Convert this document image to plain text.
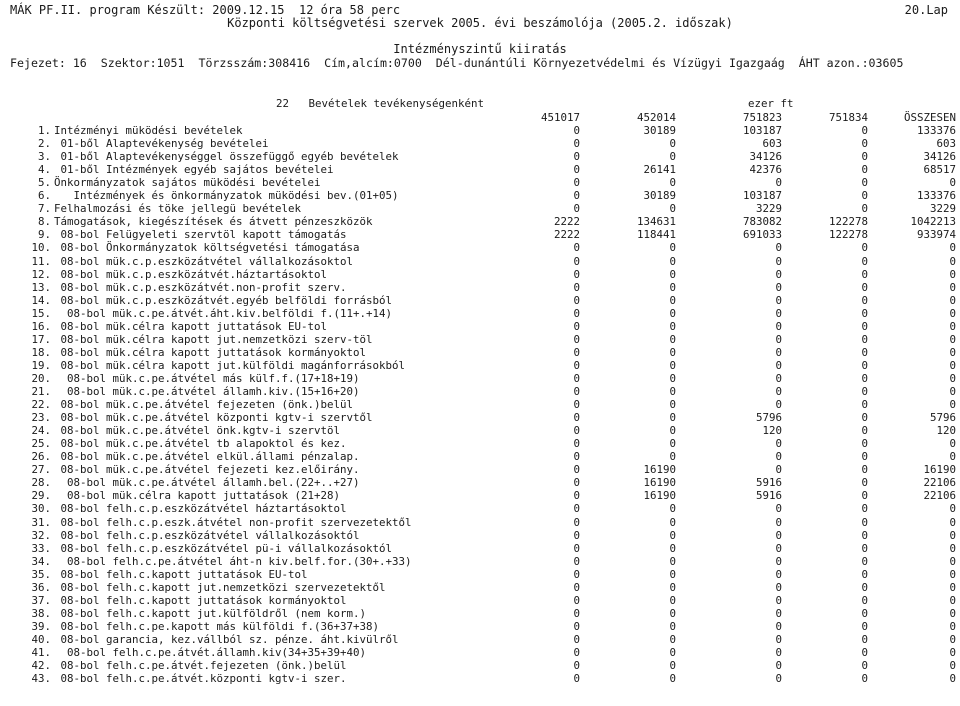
MÁK PF.II. program Készült: 2009.12.15  12 óra 58 perc	20.Lap
Központi költségvetési szervek 2005. évi beszámolója (2005.2. időszak)
Intézményszintű kiiratás
Fejezet: 16  Szektor:1051  Törzsszám:308416  Cím,alcím:0700  Dél-dunántúli Környezetvédelmi és Vízügyi Igazgaág  ÁHT azon.:03605
22   Bevételek tevékenységenként	ezer ft
451017	452014	751823	751834	ÖSSZESEN
1. Intézményi müködési bevételek	0	30189	103187	0	133376
2. 01-ből Alaptevékenység bevételei	0	0	603	0	603
3. 01-ből Alaptevékenységgel összefüggő egyéb bevételek	0	0	34126	0	34126
4. 01-ből Intézmények egyéb sajátos bevételei	0	26141	42376	0	68517
5. Önkormányzatok sajátos müködési bevételei	0	0	0	0	0
6. Intézmények és önkormányzatok müködési bev.(01+05)	0	30189	103187	0	133376
7. Felhalmozási és töke jellegü bevételek	0	0	3229	0	3229
8. Támogatások, kiegészítések és átvett pénzeszközök	2222	134631	783082	122278	1042213
9. 08-bol Felügyeleti szervtöl kapott támogatás	2222	118441	691033	122278	933974
10. 08-bol Önkormányzatok költségvetési támogatása	0	0	0	0	0
11. 08-bol mük.c.p.eszközátvétel vállalkozásoktol	0	0	0	0	0
12. 08-bol mük.c.p.eszközátvét.háztartásoktol	0	0	0	0	0
13. 08-bol mük.c.p.eszközátvét.non-profit szerv.	0	0	0	0	0
14. 08-bol mük.c.p.eszközátvét.egyéb belföldi forrásból	0	0	0	0	0
15. 08-bol mük.c.pe.átvét.áht.kiv.belföldi f.(11+.+14)	0	0	0	0	0
16. 08-bol mük.célra kapott juttatások EU-tol	0	0	0	0	0
17. 08-bol mük.célra kapott jut.nemzetközi szerv-töl	0	0	0	0	0
18. 08-bol mük.célra kapott juttatások kormányoktol	0	0	0	0	0
19. 08-bol mük.célra kapott jut.külföldi magánforrásokból	0	0	0	0	0
20. 08-bol mük.c.pe.átvétel más külf.f.(17+18+19)	0	0	0	0	0
21. 08-bol mük.c.pe.átvétel államh.kiv.(15+16+20)	0	0	0	0	0
22. 08-bol mük.c.pe.átvétel fejezeten (önk.)belül	0	0	0	0	0
23. 08-bol mük.c.pe.átvétel központi kgtv-i szervtől	0	0	5796	0	5796
24. 08-bol mük.c.pe.átvétel önk.kgtv-i szervtöl	0	0	120	0	120
25. 08-bol mük.c.pe.átvétel tb alapoktol és kez.	0	0	0	0	0
26. 08-bol mük.c.pe.átvétel elkül.állami pénzalap.	0	0	0	0	0
27. 08-bol mük.c.pe.átvétel fejezeti kez.előirány.	0	16190	0	0	16190
28. 08-bol mük.c.pe.átvétel államh.bel.(22+..+27)	0	16190	5916	0	22106
29. 08-bol mük.célra kapott juttatások (21+28)	0	16190	5916	0	22106
30. 08-bol felh.c.p.eszközátvétel háztartásoktol	0	0	0	0	0
31. 08-bol felh.c.p.eszk.átvétel non-profit szervezetektől	0	0	0	0	0
32. 08-bol felh.c.p.eszközátvétel vállalkozásoktól	0	0	0	0	0
33. 08-bol felh.c.p.eszközátvétel pü-i vállalkozásoktól	0	0	0	0	0
34. 08-bol felh.c.pe.átvétel áht-n kiv.belf.for.(30+.+33)	0	0	0	0	0
35. 08-bol felh.c.kapott juttatások EU-tol	0	0	0	0	0
36. 08-bol felh.c.kapott jut.nemzetközi szervezetektől	0	0	0	0	0
37. 08-bol felh.c.kapott juttatások kormányoktol	0	0	0	0	0
38. 08-bol felh.c.kapott jut.külföldről (nem korm.)	0	0	0	0	0
39. 08-bol felh.c.pe.kapott más külföldi f.(36+37+38)	0	0	0	0	0
40. 08-bol garancia, kez.vállból sz. pénze. áht.kivülről	0	0	0	0	0
41. 08-bol felh.c.pe.átvét.államh.kiv(34+35+39+40)	0	0	0	0	0
42. 08-bol felh.c.pe.átvét.fejezeten (önk.)belül	0	0	0	0	0
43. 08-bol felh.c.pe.átvét.központi kgtv-i szer.	0	0	0	0	0
